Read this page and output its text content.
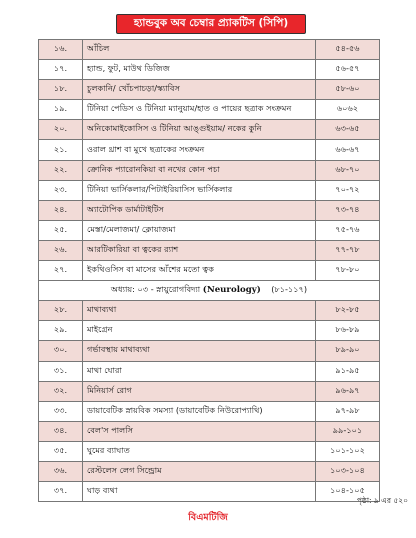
হ্যান্ডবুক অব চেম্বার প্র্যাকটিস (সিপি)
১৬.	আঁচিল	৫৪-৫৬
১৭.	হ্যান্ড, ফুট, মাউথ ডিজিজ	৫৬-৫৭
১৮.	চুলকানি/ খোঁচপাচড়া/স্ক্যাবিস	৫৮-৬০
১৯.	টিনিয়া পেডিস ও টিনিয়া ম্যানুয়াম/হাত ও পায়ের ছত্রাক সংক্রমন	৬০৬২
২০.	অনিকোমাইকোসিস ও টিনিয়া আঙ্গুইয়াম/ নকের কুনি	৬৩-৬৫
২১.	ওরাল থ্রাশ বা মুখে ছত্রাকের সংক্রমন	৬৬-৬৭
২২.	ক্রোনিক প্যারোনকিয়া বা নখের কোন পচা	৬৮-৭০
২৩.	টিনিয়া ভার্সিকলার/পিটাইরিয়াসিস ভার্সিকলার	৭০-৭২
২৪.	অ্যাটোপিক ডার্মাটাইটিস	৭৩-৭৪
২৫.	মেস্তা/মেলাজমা/ ক্লোয়াজমা	৭৫-৭৬
২৬.	আরটিকারিয়া বা ত্বকের র‌্যাশ	৭৭-৭৮
২৭.	ইকথিওসিস বা মাসের আঁশের মতো ত্বক	৭৮-৮০
অধ্যায়: ০৩ - স্নায়ুরোগবিদ্যা (Neurology) (৮১-১১৭)		
২৮.	মাথাব্যথা	৮২-৮৫
২৯.	মাইগ্রেন	৮৬-৮৯
৩০.	গর্ভাবস্থায় মাথাব্যথা	৮৯-৯০
৩১.	মাথা ঘোরা	৯১-৯৫
৩২.	মিনিয়ার্স রোগ	৯৬-৯৭
৩৩.	ডায়াবেটিক স্নায়বিক সমস্যা (ডায়াবেটিক নিউরোপ্যাথি)	৯৭-৯৮
৩৪.	বেল'স পালসি	৯৯-১০১
৩৫.	ঘুমের ব্যাঘাত	১০১-১০২
৩৬.	রেস্টলেস লেগ সিন্ড্রোম	১০৩-১০৪
৩৭.	ঘাড় ব্যথা	১০৪-১০৫
পৃষ্ঠা: ৯ এর ৫২০
বিএমটিজি
